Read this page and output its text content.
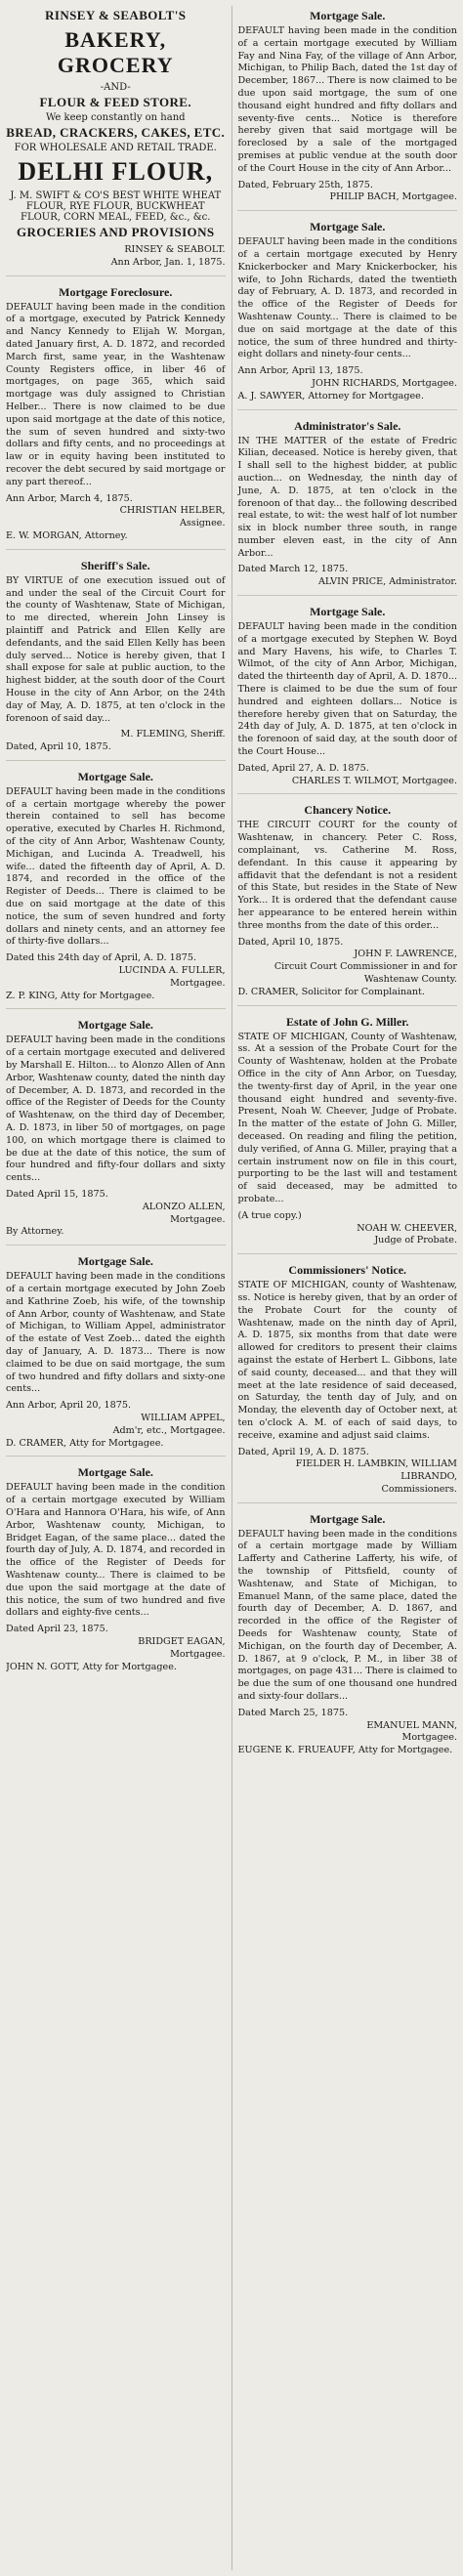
RINSEY & SEABOLT'S
BAKERY, GROCERY
-AND-
FLOUR & FEED STORE.
We keep constantly on hand
BREAD, CRACKERS, CAKES, ETC.
FOR WHOLESALE AND RETAIL TRADE.
DELHI FLOUR,
J. M. SWIFT & CO'S BEST WHITE WHEAT FLOUR, RYE FLOUR, BUCKWHEAT FLOUR, CORN MEAL, FEED, &c., &c.
GROCERIES AND PROVISIONS
RINSEY & SEABOLT.
Ann Arbor, Jan. 1, 1875.
Mortgage Foreclosure.
DEFAULT having been made in the condition of a mortgage, executed by Patrick Kennedy and Nancy Kennedy to Elijah W. Morgan, dated January first, A. D. 1872, and recorded March first, same year, in the Washtenaw County Registers office, in liber 46 of mortgages, on page 365, which said mortgage was duly assigned to Christian Helber... There is now claimed to be due upon said mortgage at the date of this notice, the sum of seven hundred and sixty-two dollars and fifty cents, and no proceedings at law or in equity having been instituted to recover the debt secured by said mortgage or any part thereof...
Ann Arbor, March 4, 1875.
CHRISTIAN HELBER,
Assignee.
E. W. MORGAN, Attorney.
Sheriff's Sale.
BY VIRTUE of one execution issued out of and under the seal of the Circuit Court for the county of Washtenaw, State of Michigan, to me directed, wherein John Linsey is plaintiff and Patrick and Ellen Kelly are defendants, and the said Ellen Kelly has been duly served... Notice is hereby given, that I shall expose for sale at public auction, to the highest bidder, at the south door of the Court House in the city of Ann Arbor, on the 24th day of May, A. D. 1875, at ten o'clock in the forenoon of said day...
M. FLEMING, Sheriff.
Dated, April 10, 1875.
Mortgage Sale.
DEFAULT having been made in the conditions of a certain mortgage whereby the power therein contained to sell has become operative, executed by Charles H. Richmond, of the city of Ann Arbor, Washtenaw County, Michigan, and Lucinda A. Treadwell, his wife... dated the fifteenth day of April, A. D. 1874, and recorded in the office of the Register of Deeds... There is claimed to be due on said mortgage at the date of this notice, the sum of seven hundred and forty dollars and ninety cents, and an attorney fee of thirty-five dollars...
Dated this 24th day of April, A. D. 1875.
LUCINDA A. FULLER,
Mortgagee.
Z. P. KING, Atty for Mortgagee.
Mortgage Sale.
DEFAULT having been made in the conditions of a certain mortgage executed and delivered by Marshall E. Hilton... to Alonzo Allen of Ann Arbor, Washtenaw county, dated the ninth day of December, A. D. 1873, and recorded in the office of the Register of Deeds for the County of Washtenaw, on the third day of December, A. D. 1873, in liber 50 of mortgages, on page 100, on which mortgage there is claimed to be due at the date of this notice, the sum of four hundred and fifty-four dollars and sixty cents...
Dated April 15, 1875.
ALONZO ALLEN,
Mortgagee.
By Attorney.
Mortgage Sale.
DEFAULT having been made in the conditions of a certain mortgage executed by John Zoeb and Kathrine Zoeb, his wife, of the township of Ann Arbor, county of Washtenaw, and State of Michigan, to William Appel, administrator of the estate of Vest Zoeb... dated the eighth day of January, A. D. 1873... There is now claimed to be due on said mortgage, the sum of two hundred and fifty dollars and sixty-one cents...
Ann Arbor, April 20, 1875.
WILLIAM APPEL,
Adm'r, etc., Mortgagee.
D. CRAMER, Atty for Mortgagee.
Mortgage Sale.
DEFAULT having been made in the condition of a certain mortgage executed by William O'Hara and Hannora O'Hara, his wife, of Ann Arbor, Washtenaw county, Michigan, to Bridget Eagan, of the same place... dated the fourth day of July, A. D. 1874, and recorded in the office of the Register of Deeds for Washtenaw county... There is claimed to be due upon the said mortgage at the date of this notice, the sum of two hundred and five dollars and eighty-five cents...
Dated April 23, 1875.
BRIDGET EAGAN,
Mortgagee.
JOHN N. GOTT, Atty for Mortgagee.
Mortgage Sale.
DEFAULT having been made in the condition of a certain mortgage executed by William Fay and Nina Fay, of the village of Ann Arbor, Michigan, to Philip Bach, dated the 1st day of December, 1867... There is now claimed to be due upon said mortgage, the sum of one thousand eight hundred and fifty dollars and seventy-five cents... Notice is therefore hereby given that said mortgage will be foreclosed by a sale of the mortgaged premises at public vendue at the south door of the Court House in the city of Ann Arbor...
Dated, February 25th, 1875.
PHILIP BACH, Mortgagee.
Mortgage Sale.
DEFAULT having been made in the conditions of a certain mortgage executed by Henry Knickerbocker and Mary Knickerbocker, his wife, to John Richards, dated the twentieth day of February, A. D. 1873, and recorded in the office of the Register of Deeds for Washtenaw County... There is claimed to be due on said mortgage at the date of this notice, the sum of three hundred and thirty-eight dollars and ninety-four cents...
Ann Arbor, April 13, 1875.
JOHN RICHARDS, Mortgagee.
A. J. SAWYER, Attorney for Mortgagee.
Administrator's Sale.
IN THE MATTER of the estate of Fredric Kilian, deceased. Notice is hereby given, that I shall sell to the highest bidder, at public auction... on Wednesday, the ninth day of June, A. D. 1875, at ten o'clock in the forenoon of that day... the following described real estate, to wit: the west half of lot number six in block number three south, in range number eleven east, in the city of Ann Arbor...
Dated March 12, 1875.
ALVIN PRICE, Administrator.
Mortgage Sale.
DEFAULT having been made in the condition of a mortgage executed by Stephen W. Boyd and Mary Havens, his wife, to Charles T. Wilmot, of the city of Ann Arbor, Michigan, dated the thirteenth day of April, A. D. 1870... There is claimed to be due the sum of four hundred and eighteen dollars... Notice is therefore hereby given that on Saturday, the 24th day of July, A. D. 1875, at ten o'clock in the forenoon of said day, at the south door of the Court House...
Dated, April 27, A. D. 1875.
CHARLES T. WILMOT, Mortgagee.
Chancery Notice.
THE CIRCUIT COURT for the county of Washtenaw, in chancery. Peter C. Ross, complainant, vs. Catherine M. Ross, defendant. In this cause it appearing by affidavit that the defendant is not a resident of this State, but resides in the State of New York... It is ordered that the defendant cause her appearance to be entered herein within three months from the date of this order...
Dated, April 10, 1875.
JOHN F. LAWRENCE,
Circuit Court Commissioner in and for Washtenaw County.
D. CRAMER, Solicitor for Complainant.
Estate of John G. Miller.
STATE OF MICHIGAN, County of Washtenaw, ss. At a session of the Probate Court for the County of Washtenaw, holden at the Probate Office in the city of Ann Arbor, on Tuesday, the twenty-first day of April, in the year one thousand eight hundred and seventy-five. Present, Noah W. Cheever, Judge of Probate. In the matter of the estate of John G. Miller, deceased. On reading and filing the petition, duly verified, of Anna G. Miller, praying that a certain instrument now on file in this court, purporting to be the last will and testament of said deceased, may be admitted to probate...
(A true copy.)
NOAH W. CHEEVER,
Judge of Probate.
Commissioners' Notice.
STATE OF MICHIGAN, county of Washtenaw, ss. Notice is hereby given, that by an order of the Probate Court for the county of Washtenaw, made on the ninth day of April, A. D. 1875, six months from that date were allowed for creditors to present their claims against the estate of Herbert L. Gibbons, late of said county, deceased... and that they will meet at the late residence of said deceased, on Saturday, the tenth day of July, and on Monday, the eleventh day of October next, at ten o'clock A. M. of each of said days, to receive, examine and adjust said claims.
Dated, April 19, A. D. 1875.
FIELDER H. LAMBKIN, WILLIAM LIBRANDO,
Commissioners.
Mortgage Sale.
DEFAULT having been made in the conditions of a certain mortgage made by William Lafferty and Catherine Lafferty, his wife, of the township of Pittsfield, county of Washtenaw, and State of Michigan, to Emanuel Mann, of the same place, dated the fourth day of December, A. D. 1867, and recorded in the office of the Register of Deeds for Washtenaw county, State of Michigan, on the fourth day of December, A. D. 1867, at 9 o'clock, P. M., in liber 38 of mortgages, on page 431... There is claimed to be due the sum of one thousand one hundred and sixty-four dollars...
Dated March 25, 1875.
EMANUEL MANN,
Mortgagee.
EUGENE K. FRUEAUFF, Atty for Mortgagee.
